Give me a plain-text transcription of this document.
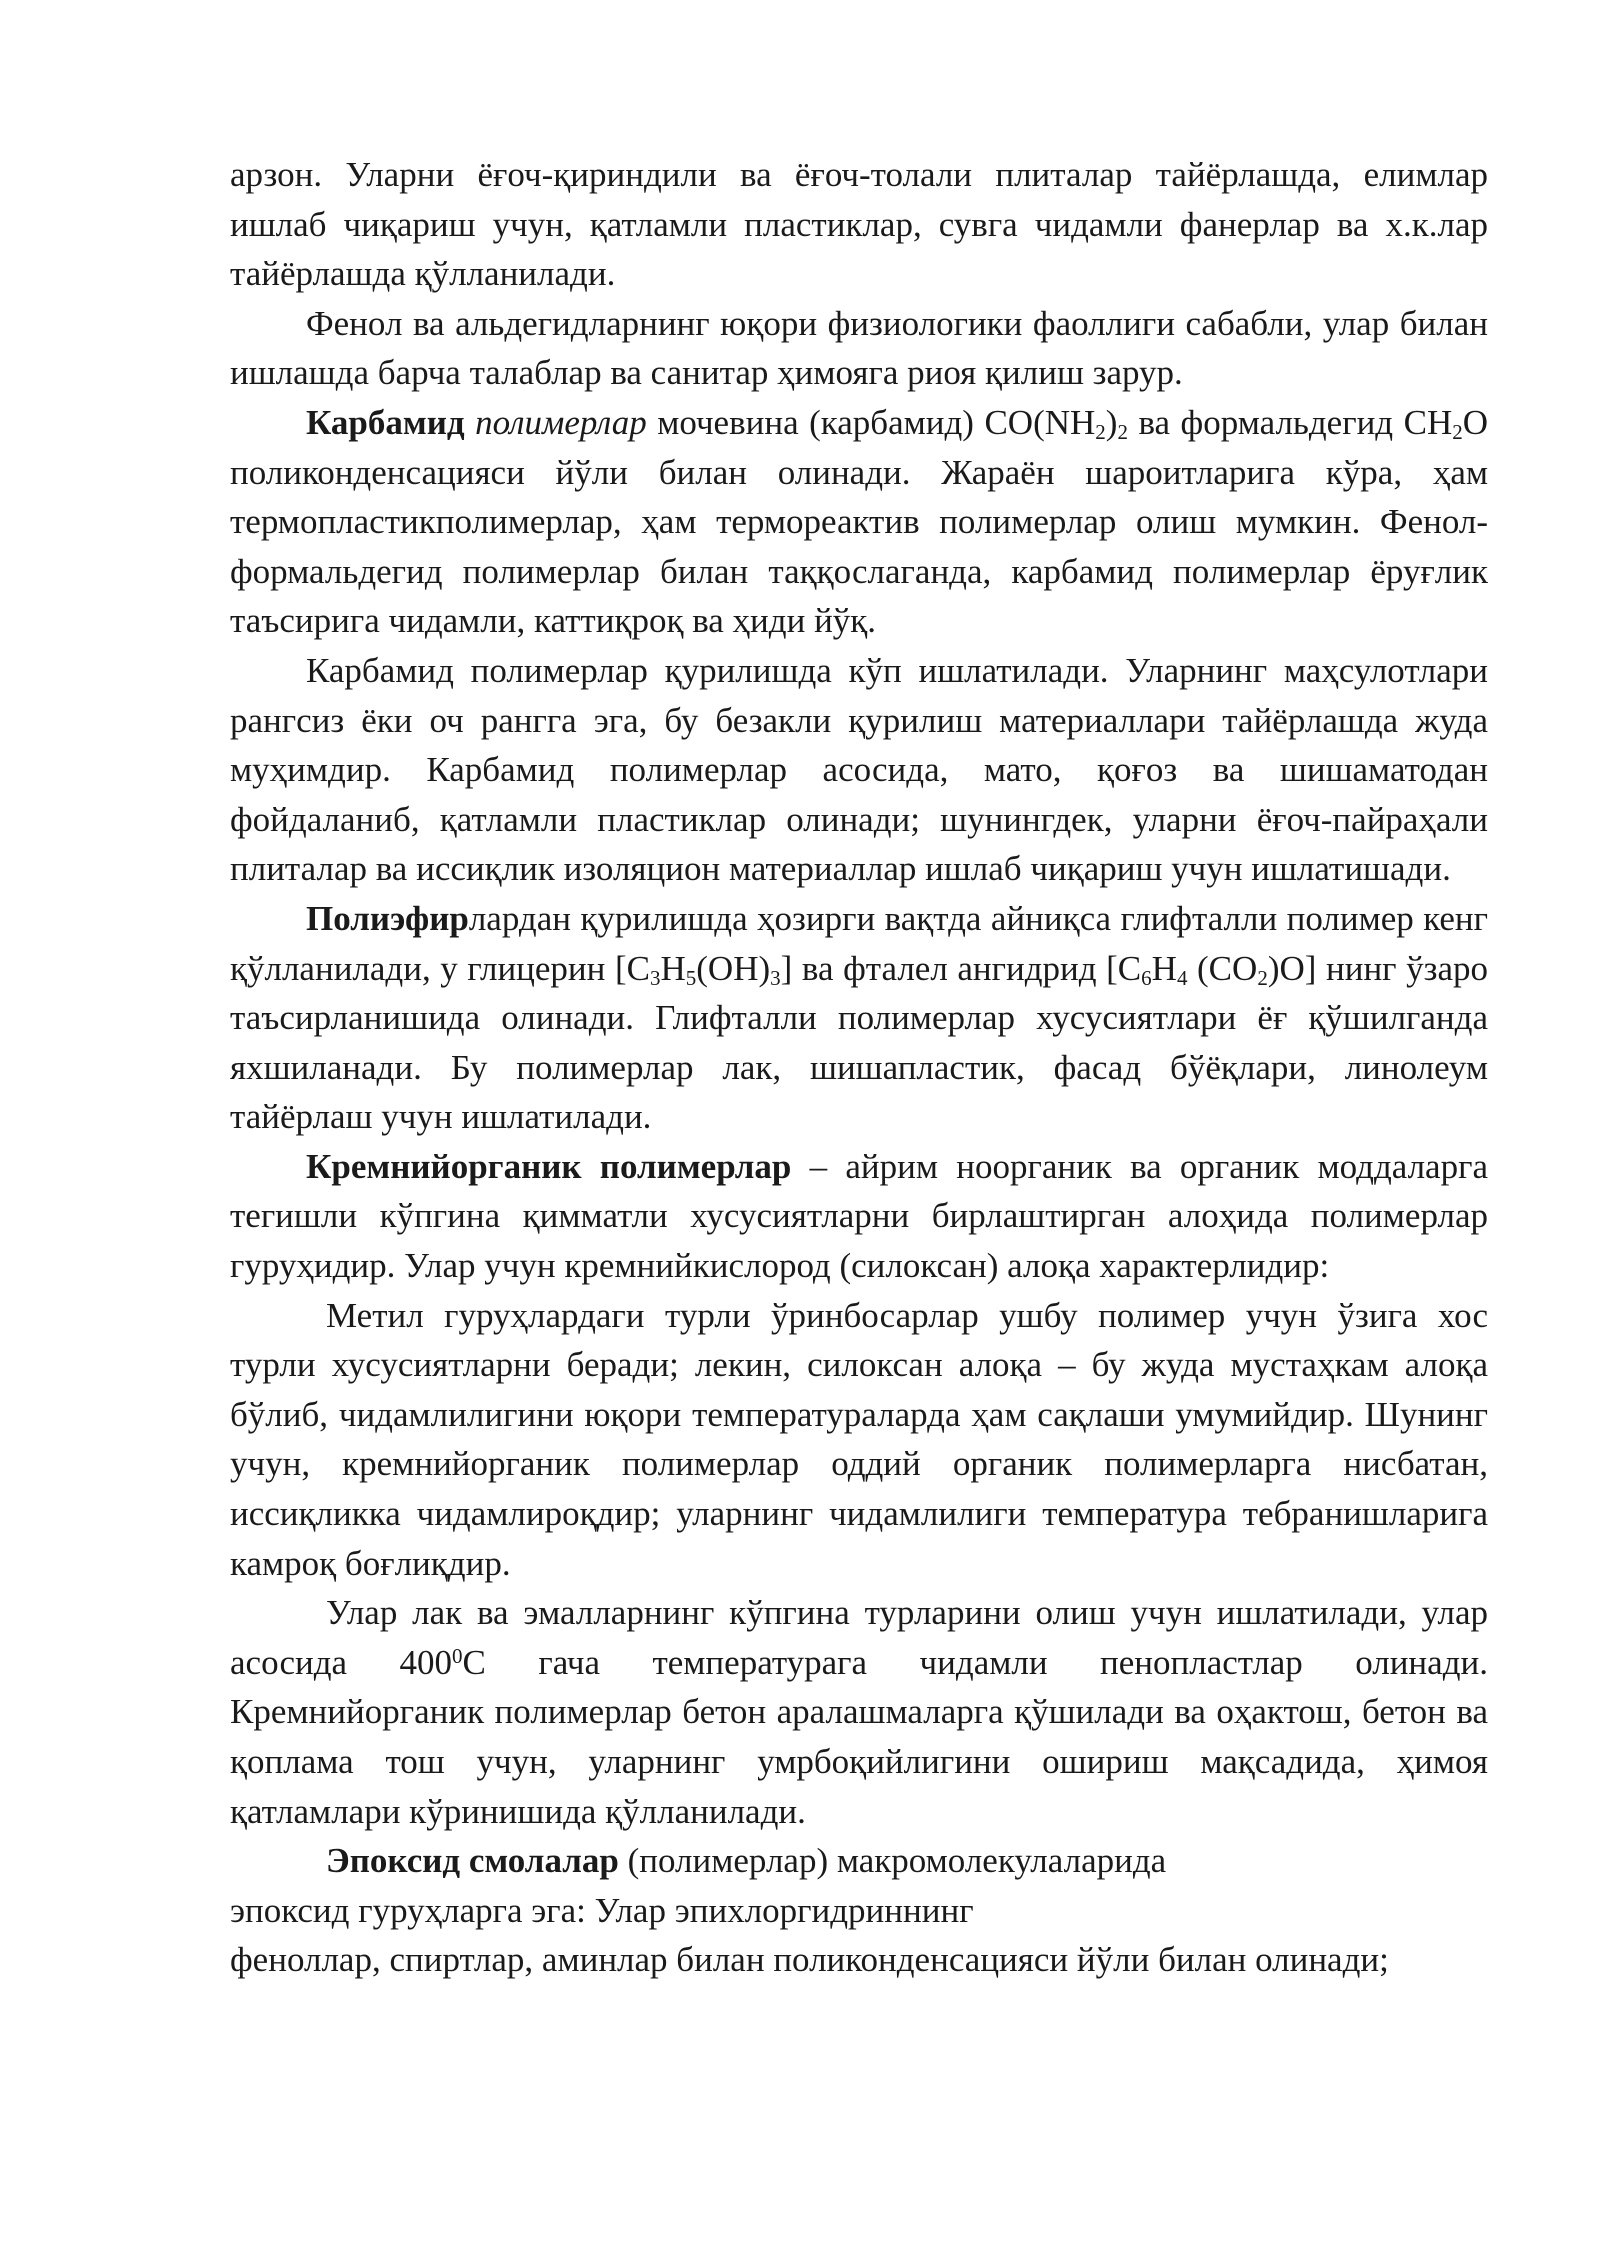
арзон. Уларни ёғоч-қириндили ва ёғоч-толали плиталар тайёрлашда, елимлар ишлаб чиқариш учун, қатламли пластиклар, сувга чидамли фанерлар ва х.к.лар тайёрлашда қўлланилади.

Фенол ва альдегидларнинг юқори физиологики фаоллиги сабабли, улар билан ишлашда барча талаблар ва санитар ҳимояга риоя қилиш зарур.

Карбамид полимерлар мочевина (карбамид) $CO(NH_2)_2$ ва формальдегид $CH_2O$ поликонденсацияси йўли билан олинади. Жараён шароитларига кўра, ҳам термопластикполимерлар, ҳам термореактив полимерлар олиш мумкин. Фенол-формальдегид полимерлар билан таққослаганда, карбамид полимерлар ёруғлик таъсирига чидамли, каттиқроқ ва ҳиди йўқ.

Карбамид полимерлар қурилишда кўп ишлатилади. Уларнинг маҳсулотлари рангсиз ёки оч рангга эга, бу безакли қурилиш материаллари тайёрлашда жуда муҳимдир. Карбамид полимерлар асосида, мато, қоғоз ва шишаматодан фойдаланиб, қатламли пластиклар олинади; шунингдек, уларни ёғоч-пайраҳали плиталар ва иссиқлик изоляцион материаллар ишлаб чиқариш учун ишлатишади.

Полиэфирлардан қурилишда ҳозирги вақтда айниқса глифталли полимер кенг қўлланилади, у глицерин $[C_3H_5(OH)_3]$ ва фталел ангидрид [$C_6H_4$ $(CO_2)O$] нинг ўзаро таъсирланишида олинади. Глифталли полимерлар хусусиятлари ёғ қўшилганда яхшиланади. Бу полимерлар лак, шишапластик, фасад бўёқлари, линолеум тайёрлаш учун ишлатилади.

Кремнийорганик полимерлар – айрим ноорганик ва органик моддаларга тегишли кўпгина қимматли хусусиятларни бирлаштирган алоҳида полимерлар гуруҳидир. Улар учун кремнийкислород (силоксан) алоқа характерлидир:

Метил гуруҳлардаги турли ўринбосарлар ушбу полимер учун ўзига хос турли хусусиятларни беради; лекин, силоксан алоқа – бу жуда мустаҳкам алоқа бўлиб, чидамлилигини юқори температураларда ҳам сақлаши умумийдир. Шунинг учун, кремнийорганик полимерлар оддий органик полимерларга нисбатан, иссиқликка чидамлироқдир; уларнинг чидамлилиги температура тебранишларига камроқ боғлиқдир.

Улар лак ва эмалларнинг кўпгина турларини олиш учун ишлатилади, улар асосида $400^0C$ гача температурага чидамли пенопластлар олинади. Кремнийорганик полимерлар бетон аралашмаларга қўшилади ва оҳактош, бетон ва қоплама тош учун, уларнинг умрбоқийлигини ошириш мақсадида, ҳимоя қатламлари кўринишида қўлланилади.

Эпоксид смолалар (полимерлар) макромолекулаларида

эпоксид гуруҳларга эга: Улар эпихлоргидриннинг

феноллар, спиртлар, аминлар билан поликонденсацияси йўли билан олинади;
